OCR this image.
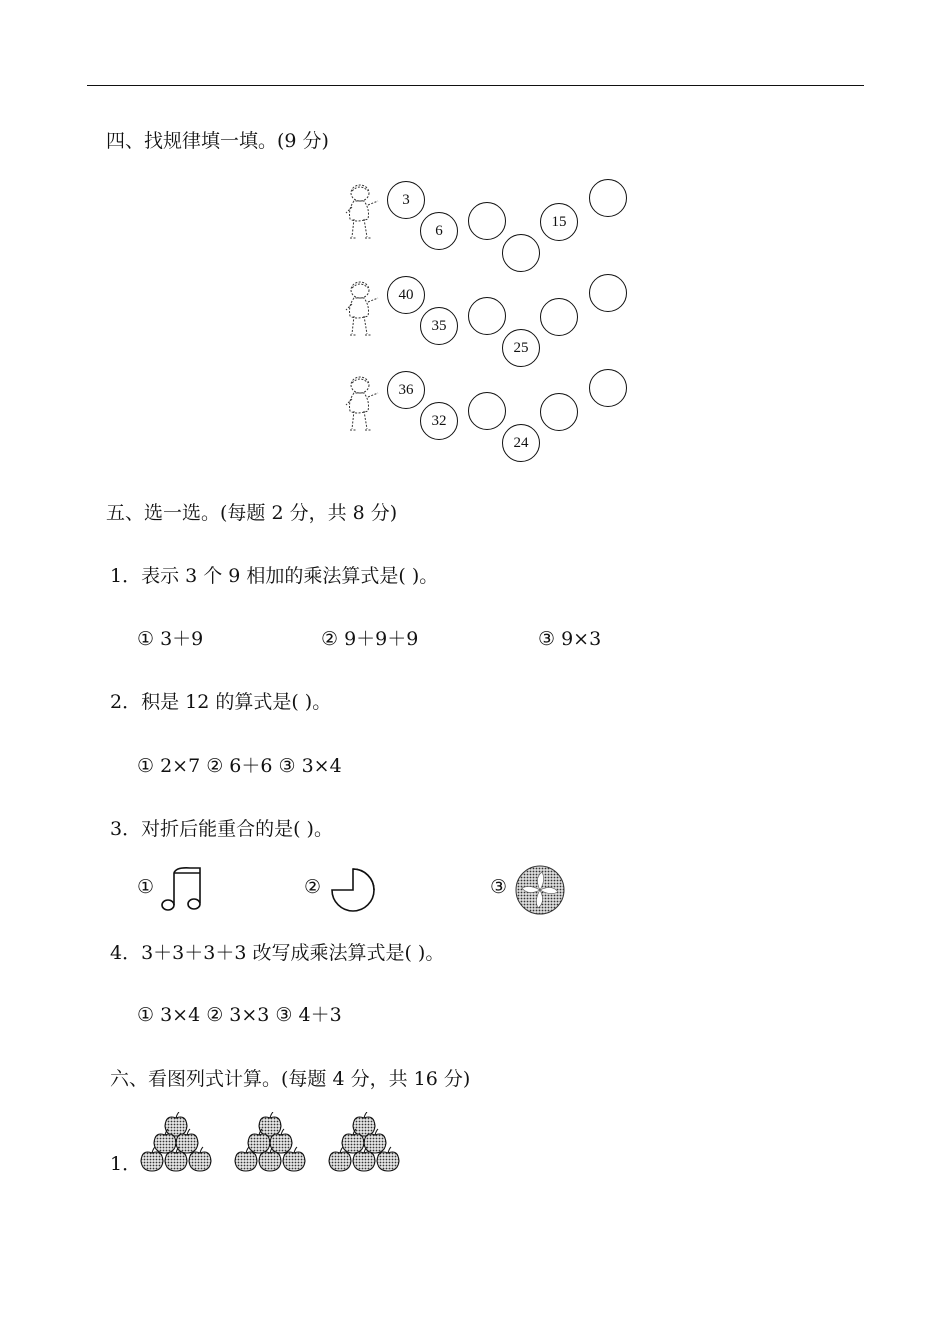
四、找规律填一填。(9 分)
3
6
15
40
35
25
36
32
24
五、选一选。(每题 2 分，共 8 分)
1．表示 3 个 9 相加的乘法算式是( )。
① 3＋9	② 9＋9＋9	③ 9×3
2．积是 12 的算式是( )。
① 2×7 ② 6＋6 ③ 3×4
3．对折后能重合的是( )。
①	②	③
4．3＋3＋3＋3 改写成乘法算式是( )。
① 3×4 ② 3×3 ③ 4＋3
六、看图列式计算。(每题 4 分，共 16 分)
1．
